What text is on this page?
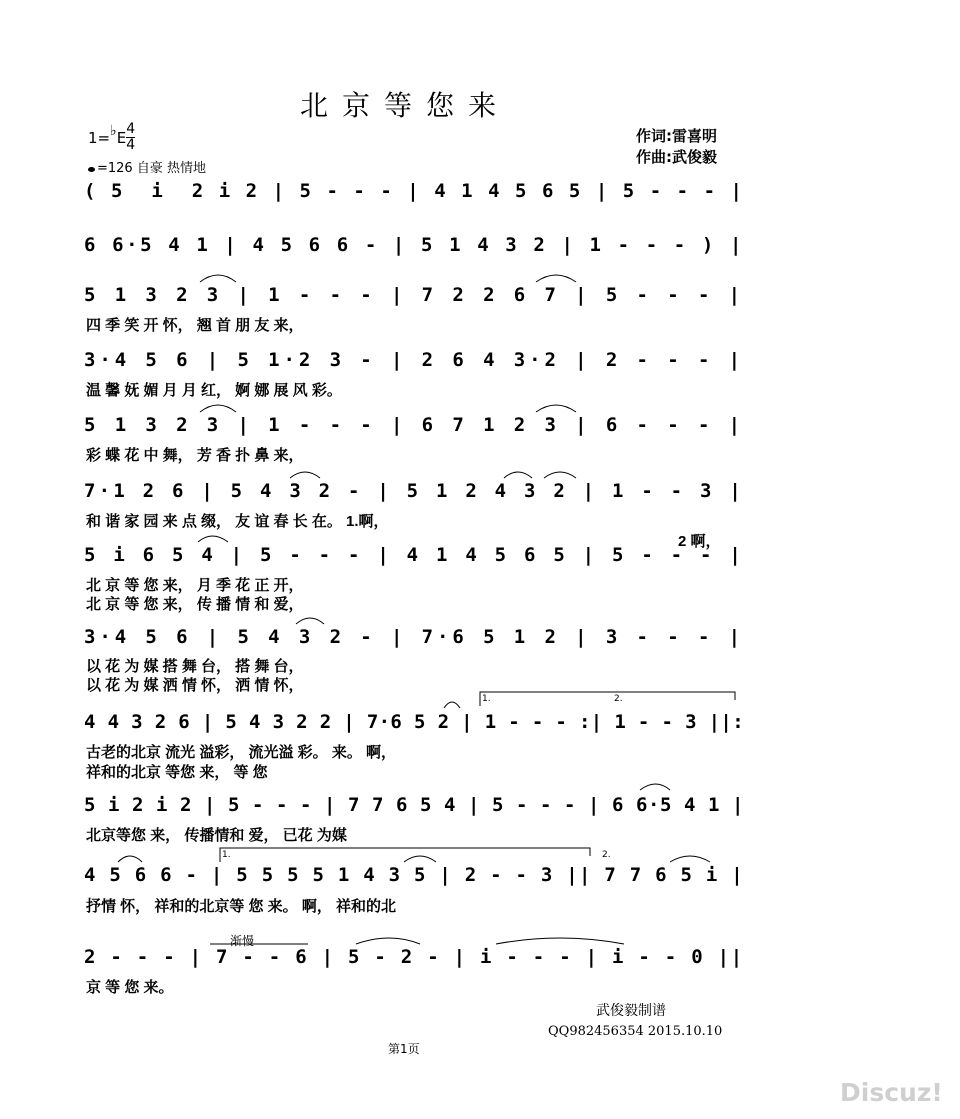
北京等您来
1=♭E $\frac{4}{4}$
=126 自豪 热情地
作词:雷喜明
作曲:武俊毅
( 5 i 2 i 2 | 5 - - - | 4 1 4 5 6 5 | 5 - - - |
6 6 · 5 4 1 | 4 5 6 6 - | 5 1 4 3 2 | 1 - - - ) |
5 1 3 2 3 | 1 - - - | 7 2 2 6 7 | 5 - - - |
四 季 笑 开 怀， 翘 首 朋 友 来，
3 · 4 5 6 | 5 1 · 2 3 - | 2 6 4 3 · 2 | 2 - - - |
温 馨 妩 媚 月 月 红， 婀 娜 展 风 彩。
5 1 3 2 3 | 1 - - - | 6 7 1 2 3 | 6 - - - |
彩 蝶 花 中 舞， 芳 香 扑 鼻 来，
7 · 1 2 6 | 5 4 3 2 - | 5 1 2 4 3 2 | 1 - - 3 |
和 谐 家 园 来 点 缀， 友 谊 春 长 在。 1.啊，
2 啊，
5 i 6 5 4 | 5 - - - | 4 1 4 5 6 5 | 5 - - - |
北 京 等 您 来， 月 季 花 正 开，
北 京 等 您 来， 传 播 情 和 爱，
3 · 4 5 6 | 5 4 3 2 - | 7 · 6 5 1 2 | 3 - - - |
以 花 为 媒 搭 舞 台， 搭 舞 台，
以 花 为 媒 洒 情 怀， 洒 情 怀，
4 4 3 2 6 | 5 4 3 2 2 | 7 · 6 5 2 | 1 - - - : | 1 - - 3 | | :
古老的北京 流光 溢彩， 流光溢 彩。 来。 啊，
祥和的北京 等您 来， 等 您
5 i 2 i 2 | 5 - - - | 7 7 6 5 4 | 5 - - - | 6 6 · 5 4 1 |
北京等您 来， 传播情和 爱， 已花 为媒
4 5 6 6 - | 5 5 5 5 1 4 3 5 | 2 - - 3 | | 7 7 6 5 i |
抒情 怀， 祥和的北京等 您 来。 啊， 祥和的北
2 - - - | 7 - - 6 | 5 - 2 - | i - - - | i - - 0 | |
京 等 您 来。
1.	2.
1.	2.
渐慢
武俊毅制谱
QQ982456354 2015.10.10
第1页
Discuz!
